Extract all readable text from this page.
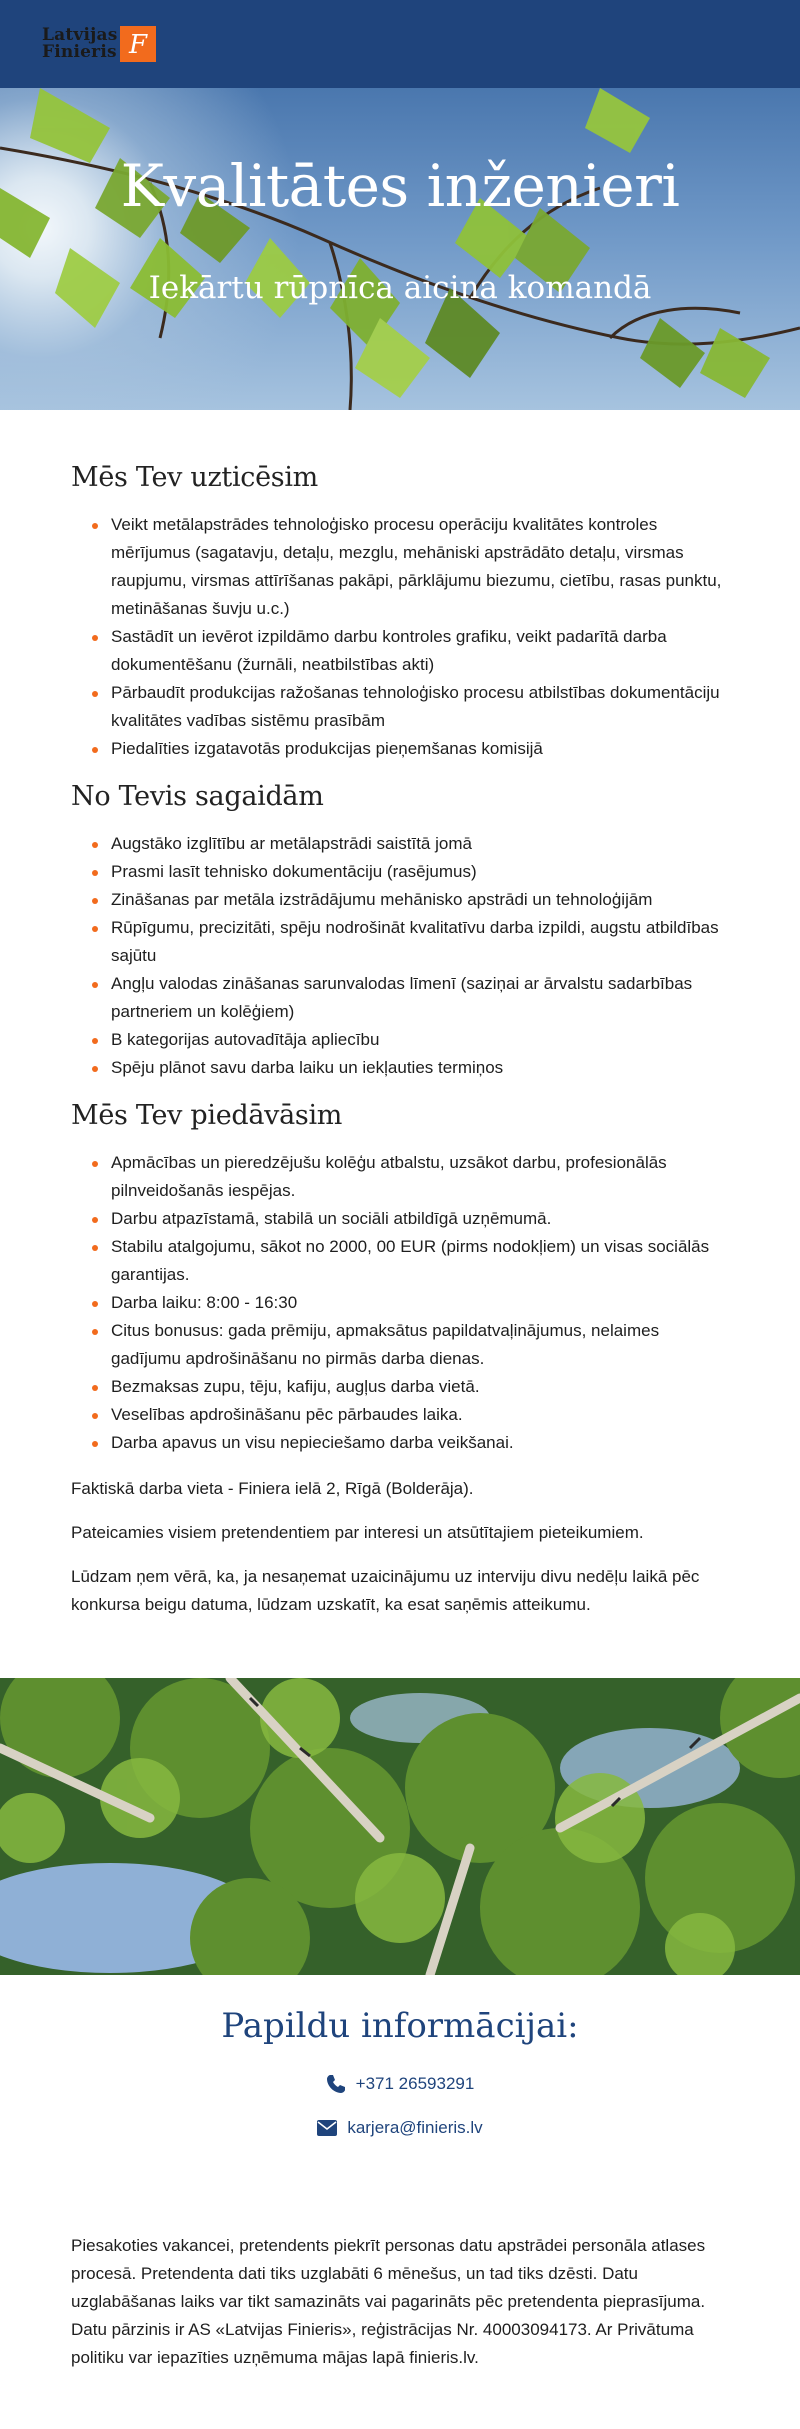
Latvijas
Finieris F
Kvalitātes inženieri
Iekārtu rūpnīca aicina komandā
Mēs Tev uzticēsim
Veikt metālapstrādes tehnoloģisko procesu operāciju kvalitātes kontroles mērījumus (sagatavju, detaļu, mezglu, mehāniski apstrādāto detaļu, virsmas raupjumu, virsmas attīrīšanas pakāpi, pārklājumu biezumu, cietību, rasas punktu, metināšanas šuvju u.c.)
Sastādīt un ievērot izpildāmo darbu kontroles grafiku, veikt padarītā darba dokumentēšanu (žurnāli, neatbilstības akti)
Pārbaudīt produkcijas ražošanas tehnoloģisko procesu atbilstības dokumentāciju kvalitātes vadības sistēmu prasībām
Piedalīties izgatavotās produkcijas pieņemšanas komisijā
No Tevis sagaidām
Augstāko izglītību ar metālapstrādi saistītā jomā
Prasmi lasīt tehnisko dokumentāciju (rasējumus)
Zināšanas par metāla izstrādājumu mehānisko apstrādi un tehnoloģijām
Rūpīgumu, precizitāti, spēju nodrošināt kvalitatīvu darba izpildi, augstu atbildības sajūtu
Angļu valodas zināšanas sarunvalodas līmenī (saziņai ar ārvalstu sadarbības partneriem un kolēģiem)
B kategorijas autovadītāja apliecību
Spēju plānot savu darba laiku un iekļauties termiņos
Mēs Tev piedāvāsim
Apmācības un pieredzējušu kolēģu atbalstu, uzsākot darbu, profesionālās pilnveidošanās iespējas.
Darbu atpazīstamā, stabilā un sociāli atbildīgā uzņēmumā.
Stabilu atalgojumu, sākot no 2000, 00 EUR (pirms nodokļiem) un visas sociālās garantijas.
Darba laiku: 8:00 - 16:30
Citus bonusus: gada prēmiju, apmaksātus papildatvaļinājumus, nelaimes gadījumu apdrošināšanu no pirmās darba dienas.
Bezmaksas zupu, tēju, kafiju, augļus darba vietā.
Veselības apdrošināšanu pēc pārbaudes laika.
Darba apavus un visu nepieciešamo darba veikšanai.

Faktiskā darba vieta - Finiera ielā 2, Rīgā (Bolderāja).

Pateicamies visiem pretendentiem par interesi un atsūtītajiem pieteikumiem.

Lūdzam ņem vērā, ka, ja nesaņemat uzaicinājumu uz interviju divu nedēļu laikā pēc konkursa beigu datuma, lūdzam uzskatīt, ka esat saņēmis atteikumu.

Papildu informācijai:
+371 26593291
karjera@finieris.lv
Piesakoties vakancei, pretendents piekrīt personas datu apstrādei personāla atlases procesā. Pretendenta dati tiks uzglabāti 6 mēnešus, un tad tiks dzēsti. Datu uzglabāšanas laiks var tikt samazināts vai pagarināts pēc pretendenta pieprasījuma. Datu pārzinis ir AS «Latvijas Finieris», reģistrācijas Nr. 40003094173. Ar Privātuma politiku var iepazīties uzņēmuma mājas lapā finieris.lv.
